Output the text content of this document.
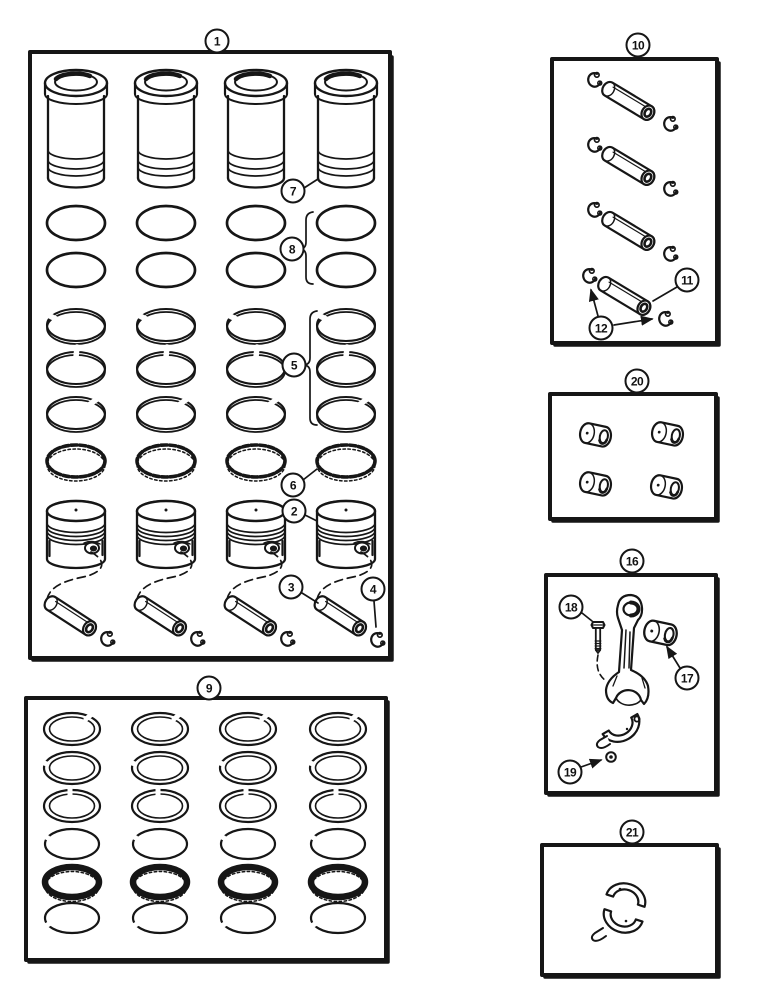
1
2
3	4
5
6
7
8
9
10
11
12
16
17
18
19
20
21
